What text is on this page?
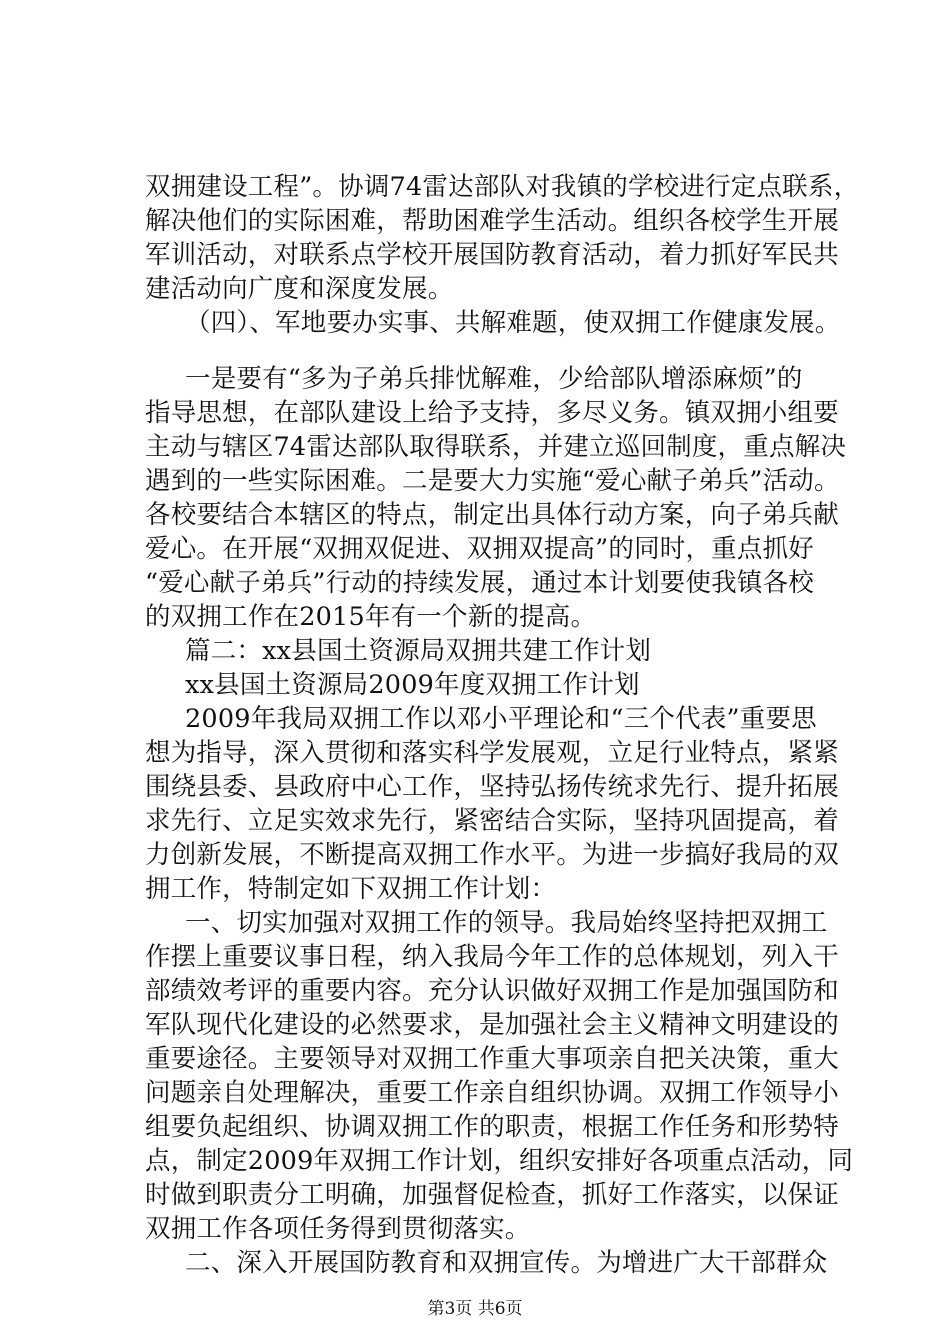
双拥建设工程”。协调74雷达部队对我镇的学校进行定点联系，
解决他们的实际困难，帮助困难学生活动。组织各校学生开展
军训活动，对联系点学校开展国防教育活动，着力抓好军民共
建活动向广度和深度发展。
（四）、军地要办实事、共解难题，使双拥工作健康发展。
一是要有“多为子弟兵排忧解难，少给部队增添麻烦”的
指导思想，在部队建设上给予支持，多尽义务。镇双拥小组要
主动与辖区74雷达部队取得联系，并建立巡回制度，重点解决
遇到的一些实际困难。二是要大力实施“爱心献子弟兵”活动。
各校要结合本辖区的特点，制定出具体行动方案，向子弟兵献
爱心。在开展“双拥双促进、双拥双提高”的同时，重点抓好
“爱心献子弟兵”行动的持续发展，通过本计划要使我镇各校
的双拥工作在2015年有一个新的提高。
篇二：xx县国土资源局双拥共建工作计划
xx县国土资源局2009年度双拥工作计划
2009年我局双拥工作以邓小平理论和“三个代表”重要思
想为指导，深入贯彻和落实科学发展观，立足行业特点，紧紧
围绕县委、县政府中心工作，坚持弘扬传统求先行、提升拓展
求先行、立足实效求先行，紧密结合实际，坚持巩固提高，着
力创新发展，不断提高双拥工作水平。为进一步搞好我局的双
拥工作，特制定如下双拥工作计划：
一、切实加强对双拥工作的领导。我局始终坚持把双拥工
作摆上重要议事日程，纳入我局今年工作的总体规划，列入干
部绩效考评的重要内容。充分认识做好双拥工作是加强国防和
军队现代化建设的必然要求，是加强社会主义精神文明建设的
重要途径。主要领导对双拥工作重大事项亲自把关决策，重大
问题亲自处理解决，重要工作亲自组织协调。双拥工作领导小
组要负起组织、协调双拥工作的职责，根据工作任务和形势特
点，制定2009年双拥工作计划，组织安排好各项重点活动，同
时做到职责分工明确，加强督促检查，抓好工作落实，以保证
双拥工作各项任务得到贯彻落实。
二、深入开展国防教育和双拥宣传。为增进广大干部群众
第3页 共6页
